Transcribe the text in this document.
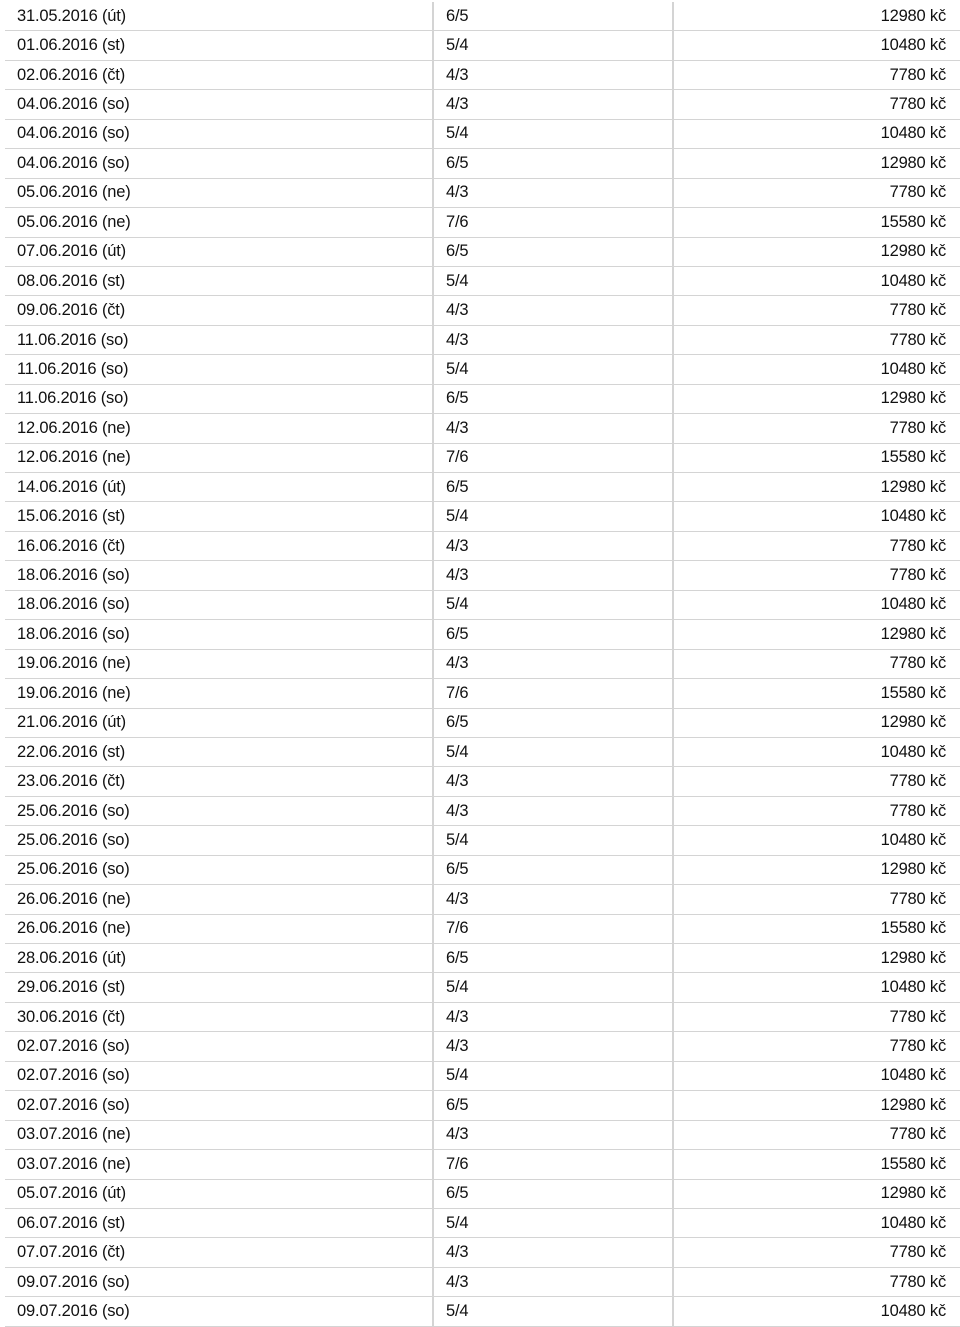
31.05.2016 (út)	6/5	12980 kč
01.06.2016 (st)	5/4	10480 kč
02.06.2016 (čt)	4/3	7780 kč
04.06.2016 (so)	4/3	7780 kč
04.06.2016 (so)	5/4	10480 kč
04.06.2016 (so)	6/5	12980 kč
05.06.2016 (ne)	4/3	7780 kč
05.06.2016 (ne)	7/6	15580 kč
07.06.2016 (út)	6/5	12980 kč
08.06.2016 (st)	5/4	10480 kč
09.06.2016 (čt)	4/3	7780 kč
11.06.2016 (so)	4/3	7780 kč
11.06.2016 (so)	5/4	10480 kč
11.06.2016 (so)	6/5	12980 kč
12.06.2016 (ne)	4/3	7780 kč
12.06.2016 (ne)	7/6	15580 kč
14.06.2016 (út)	6/5	12980 kč
15.06.2016 (st)	5/4	10480 kč
16.06.2016 (čt)	4/3	7780 kč
18.06.2016 (so)	4/3	7780 kč
18.06.2016 (so)	5/4	10480 kč
18.06.2016 (so)	6/5	12980 kč
19.06.2016 (ne)	4/3	7780 kč
19.06.2016 (ne)	7/6	15580 kč
21.06.2016 (út)	6/5	12980 kč
22.06.2016 (st)	5/4	10480 kč
23.06.2016 (čt)	4/3	7780 kč
25.06.2016 (so)	4/3	7780 kč
25.06.2016 (so)	5/4	10480 kč
25.06.2016 (so)	6/5	12980 kč
26.06.2016 (ne)	4/3	7780 kč
26.06.2016 (ne)	7/6	15580 kč
28.06.2016 (út)	6/5	12980 kč
29.06.2016 (st)	5/4	10480 kč
30.06.2016 (čt)	4/3	7780 kč
02.07.2016 (so)	4/3	7780 kč
02.07.2016 (so)	5/4	10480 kč
02.07.2016 (so)	6/5	12980 kč
03.07.2016 (ne)	4/3	7780 kč
03.07.2016 (ne)	7/6	15580 kč
05.07.2016 (út)	6/5	12980 kč
06.07.2016 (st)	5/4	10480 kč
07.07.2016 (čt)	4/3	7780 kč
09.07.2016 (so)	4/3	7780 kč
09.07.2016 (so)	5/4	10480 kč
